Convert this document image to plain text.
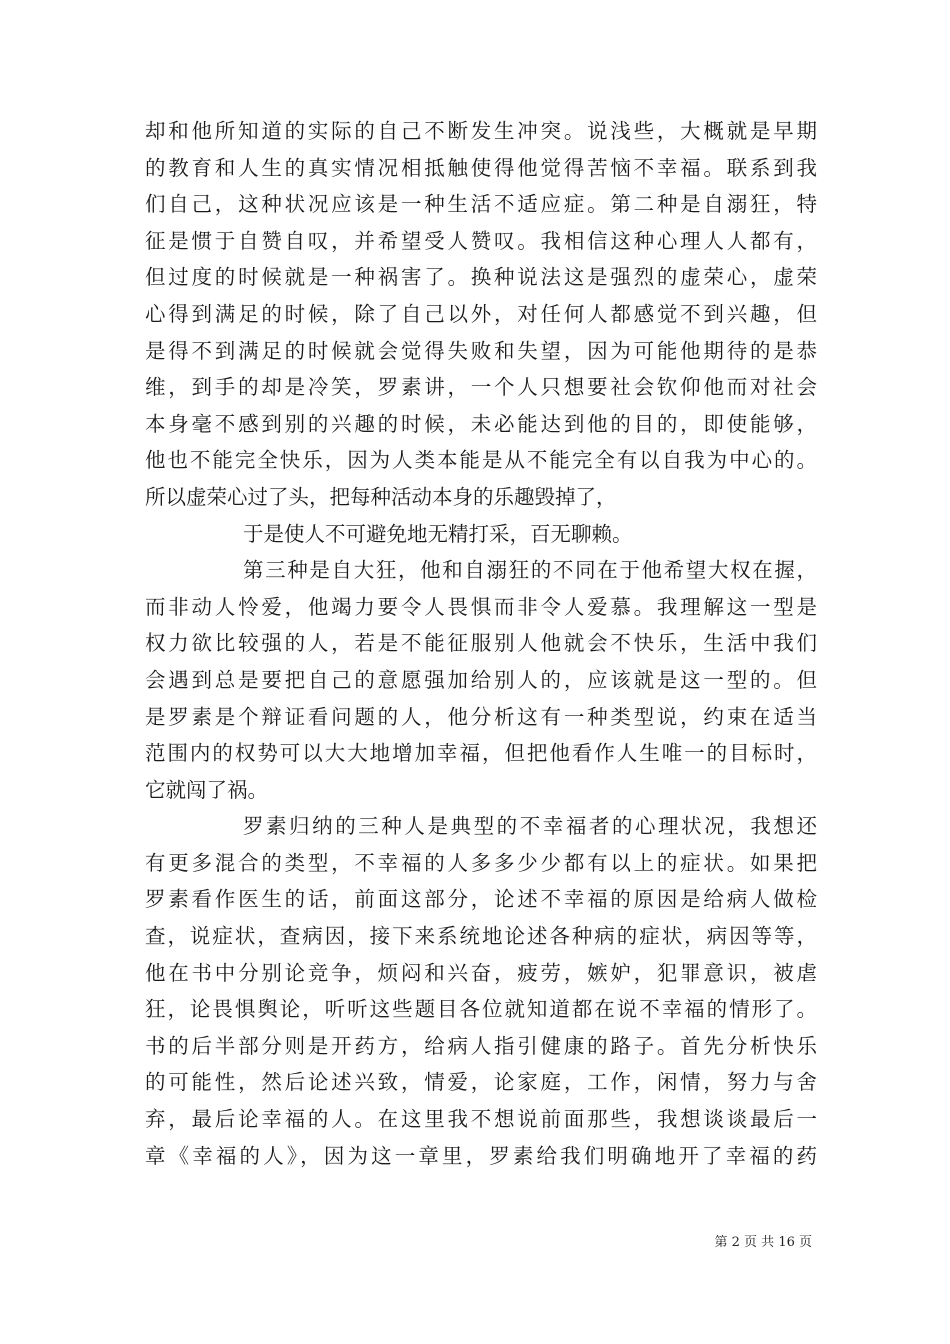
却和他所知道的实际的自己不断发生冲突。说浅些，大概就是早期
的教育和人生的真实情况相抵触使得他觉得苦恼不幸福。联系到我
们自己，这种状况应该是一种生活不适应症。第二种是自溺狂，特
征是惯于自赞自叹，并希望受人赞叹。我相信这种心理人人都有，
但过度的时候就是一种祸害了。换种说法这是强烈的虚荣心，虚荣
心得到满足的时候，除了自己以外，对任何人都感觉不到兴趣，但
是得不到满足的时候就会觉得失败和失望，因为可能他期待的是恭
维，到手的却是冷笑，罗素讲，一个人只想要社会钦仰他而对社会
本身毫不感到别的兴趣的时候，未必能达到他的目的，即使能够，
他也不能完全快乐，因为人类本能是从不能完全有以自我为中心的。
所以虚荣心过了头，把每种活动本身的乐趣毁掉了，
于是使人不可避免地无精打采，百无聊赖。
第三种是自大狂，他和自溺狂的不同在于他希望大权在握，
而非动人怜爱，他竭力要令人畏惧而非令人爱慕。我理解这一型是
权力欲比较强的人，若是不能征服别人他就会不快乐，生活中我们
会遇到总是要把自己的意愿强加给别人的，应该就是这一型的。但
是罗素是个辩证看问题的人，他分析这有一种类型说，约束在适当
范围内的权势可以大大地增加幸福，但把他看作人生唯一的目标时，
它就闯了祸。
罗素归纳的三种人是典型的不幸福者的心理状况，我想还
有更多混合的类型，不幸福的人多多少少都有以上的症状。如果把
罗素看作医生的话，前面这部分，论述不幸福的原因是给病人做检
查，说症状，查病因，接下来系统地论述各种病的症状，病因等等，
他在书中分别论竞争，烦闷和兴奋，疲劳，嫉妒，犯罪意识，被虐
狂，论畏惧舆论，听听这些题目各位就知道都在说不幸福的情形了。
书的后半部分则是开药方，给病人指引健康的路子。首先分析快乐
的可能性，然后论述兴致，情爱，论家庭，工作，闲情，努力与舍
弃，最后论幸福的人。在这里我不想说前面那些，我想谈谈最后一
章《幸福的人》，因为这一章里，罗素给我们明确地开了幸福的药
第 2 页 共 16 页
